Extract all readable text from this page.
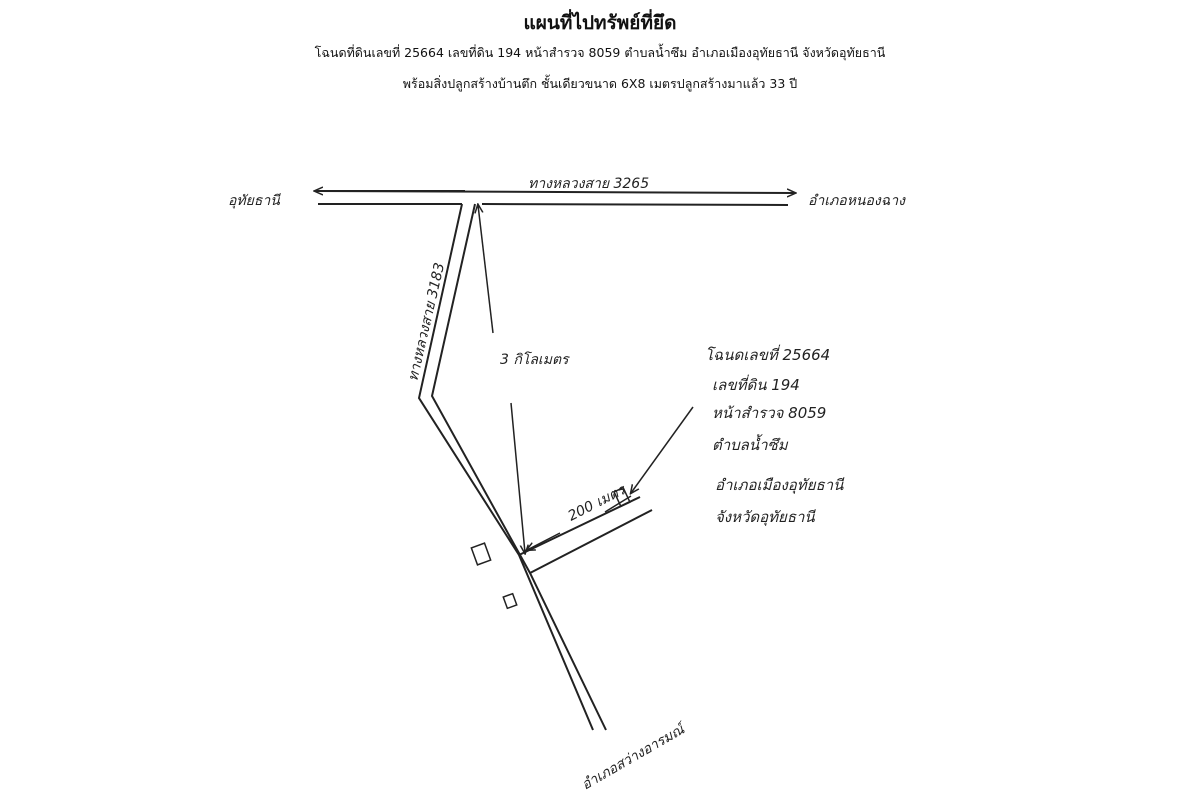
แผนที่ไปทรัพย์ที่ยึด
โฉนดที่ดินเลขที่ 25664 เลขที่ดิน 194 หน้าสำรวจ 8059 ตำบลน้ำซึม อำเภอเมืองอุทัยธานี จังหวัดอุทัยธานี
พร้อมสิ่งปลูกสร้างบ้านตึก ชั้นเดียวขนาด 6X8 เมตรปลูกสร้างมาแล้ว 33 ปี
อุทัยธานี	อำเภอหนองฉาง
ทางหลวงสาย 3265
ทางหลวงสาย 3183	3 กิโลเมตร
200 เมตร
อำเภอสว่างอารมณ์
โฉนดเลขที่ 25664
เลขที่ดิน 194
หน้าสำรวจ 8059
ตำบลน้ำซึม
อำเภอเมืองอุทัยธานี
จังหวัดอุทัยธานี
